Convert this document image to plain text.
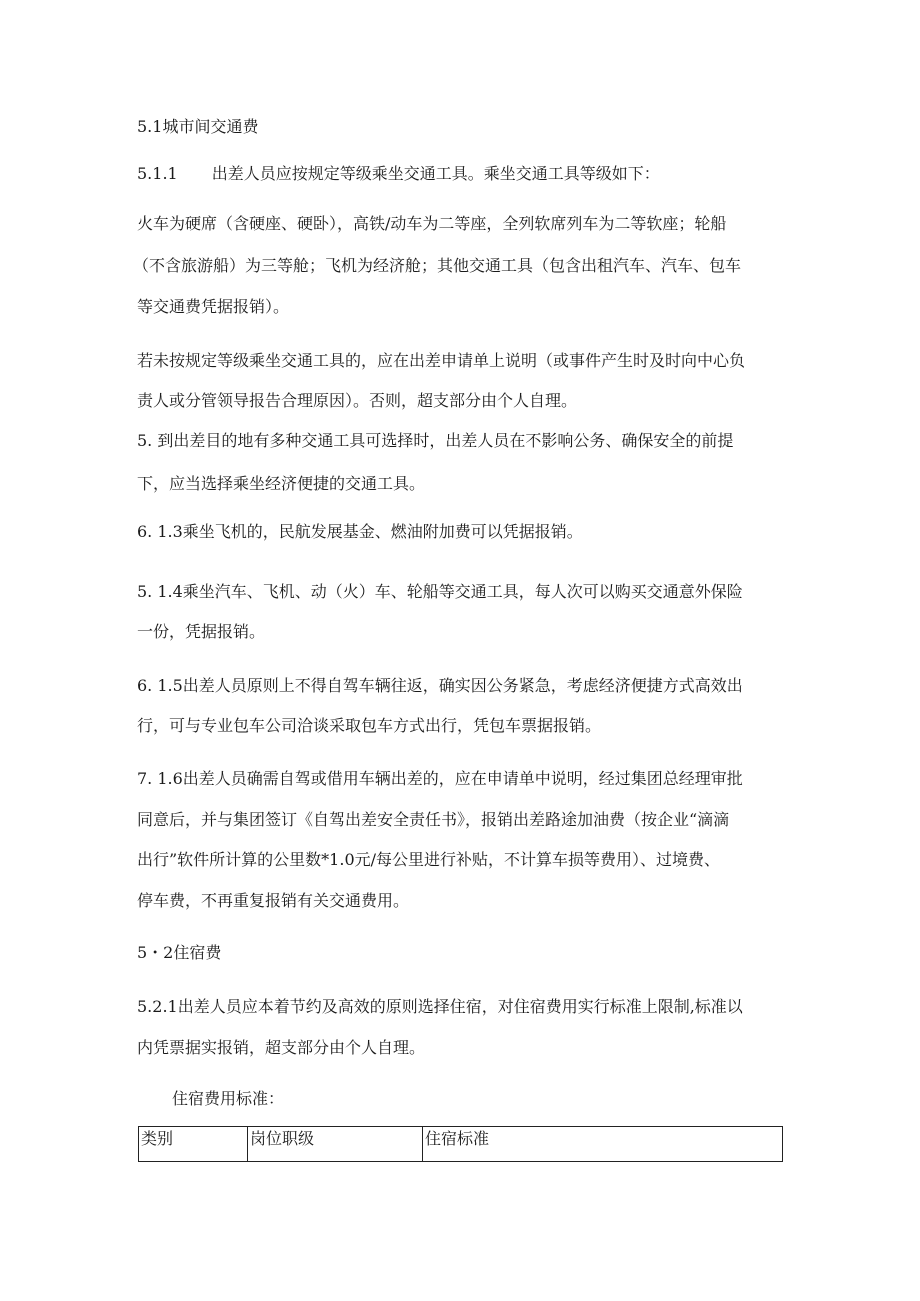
5.1城市间交通费

5.1.1 出差人员应按规定等级乘坐交通工具。乘坐交通工具等级如下：

火车为硬席（含硬座、硬卧），高铁/动车为二等座，全列软席列车为二等软座；轮船

（不含旅游船）为三等舱；飞机为经济舱；其他交通工具（包含出租汽车、汽车、包车

等交通费凭据报销）。

若未按规定等级乘坐交通工具的，应在出差申请单上说明（或事件产生时及时向中心负

责人或分管领导报告合理原因）。否则，超支部分由个人自理。

5. 到出差目的地有多种交通工具可选择时，出差人员在不影响公务、确保安全的前提

下，应当选择乘坐经济便捷的交通工具。

6. 1.3乘坐飞机的，民航发展基金、燃油附加费可以凭据报销。

5. 1.4乘坐汽车、飞机、动（火）车、轮船等交通工具，每人次可以购买交通意外保险

一份，凭据报销。

6. 1.5出差人员原则上不得自驾车辆往返，确实因公务紧急，考虑经济便捷方式高效出

行，可与专业包车公司洽谈采取包车方式出行，凭包车票据报销。

7. 1.6出差人员确需自驾或借用车辆出差的，应在申请单中说明，经过集团总经理审批

同意后，并与集团签订《自驾出差安全责任书》，报销出差路途加油费（按企业“滴滴

出行”软件所计算的公里数*1.0元/每公里进行补贴，不计算车损等费用）、过境费、

停车费，不再重复报销有关交通费用。

5・2住宿费

5.2.1出差人员应本着节约及高效的原则选择住宿，对住宿费用实行标准上限制,标准以

内凭票据实报销，超支部分由个人自理。

住宿费用标准：

类别	岗位职级	住宿标准
